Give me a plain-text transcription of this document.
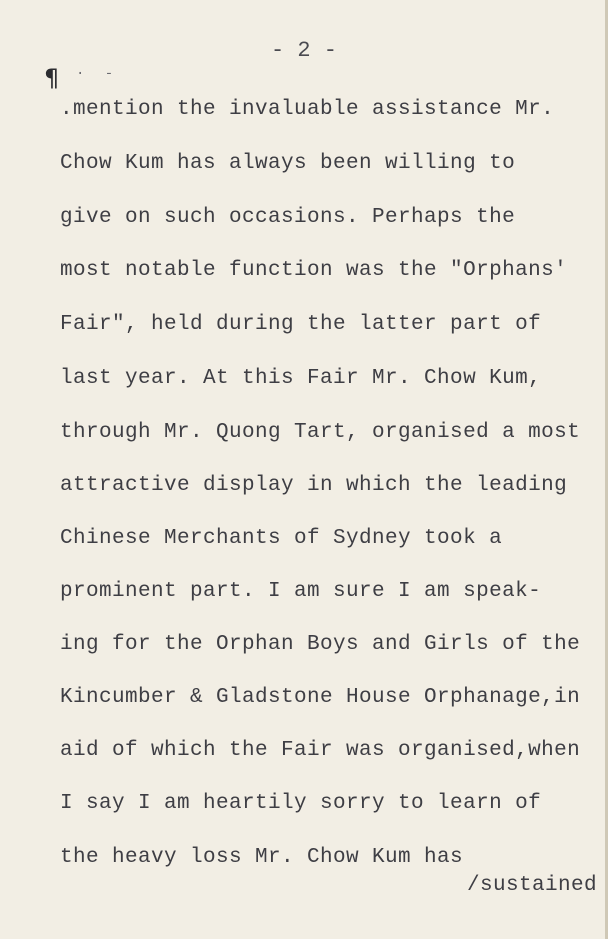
- 2 -
¶ · -
.mention the invaluable assistance Mr.
Chow Kum has always been willing to
give on such occasions. Perhaps the
most notable function was the "Orphans'
Fair", held during the latter part of
last year. At this Fair Mr. Chow Kum,
through Mr. Quong Tart, organised a most
attractive display in which the leading
Chinese Merchants of Sydney took a
prominent part. I am sure I am speak-
ing for the Orphan Boys and Girls of the
Kincumber & Gladstone House Orphanage,in
aid of which the Fair was organised,when
I say I am heartily sorry to learn of
the heavy loss Mr. Chow Kum has
/sustained
